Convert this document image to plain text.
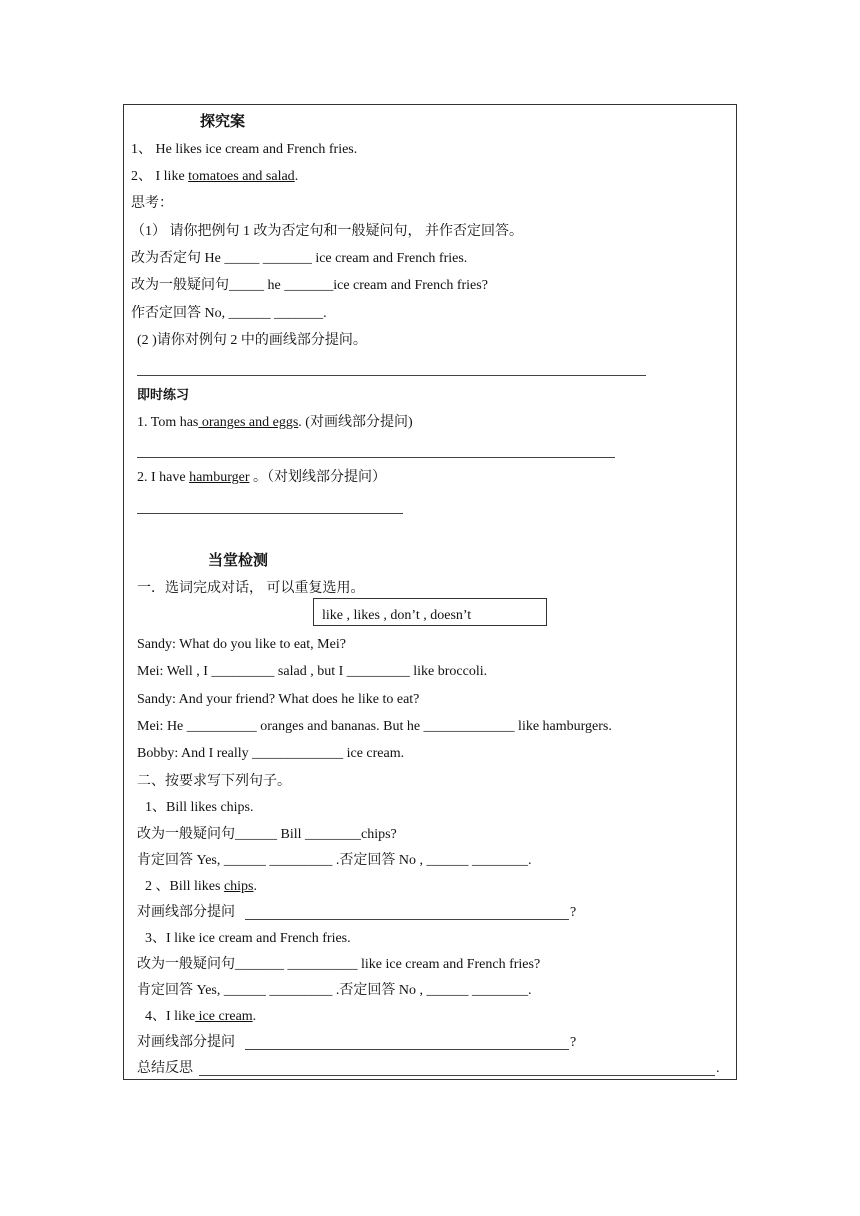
探究案
1、 He likes ice cream and French fries.
2、 I like tomatoes and salad.
思考：
（1） 请你把例句 1 改为否定句和一般疑问句， 并作否定回答。
改为否定句 He _____ _______ ice cream and French fries.
改为一般疑问句_____ he _______ice cream and French fries?
作否定回答 No, ______ _______.
(2 )请你对例句 2 中的画线部分提问。
即时练习
1. Tom has oranges and eggs. (对画线部分提问)
2. I have hamburger 。（对划线部分提问）
当堂检测
一．选词完成对话， 可以重复选用。
like , likes , don’t , doesn’t
Sandy: What do you like to eat, Mei?
Mei: Well , I _________ salad , but I _________ like broccoli.
Sandy: And your friend? What does he like to eat?
Mei: He __________ oranges and bananas. But he _____________ like hamburgers.
Bobby: And I really _____________ ice cream.
二、按要求写下列句子。
1、Bill likes chips.
改为一般疑问句______ Bill ________chips?
肯定回答 Yes, ______ _________ .否定回答 No , ______ ________.
2 、Bill likes chips.
对画线部分提问	?
3、I like ice cream and French fries.
改为一般疑问句_______ __________ like ice cream and French fries?
肯定回答 Yes, ______ _________ .否定回答 No , ______ ________.
4、I like ice cream.
对画线部分提问	?
总结反思	.
